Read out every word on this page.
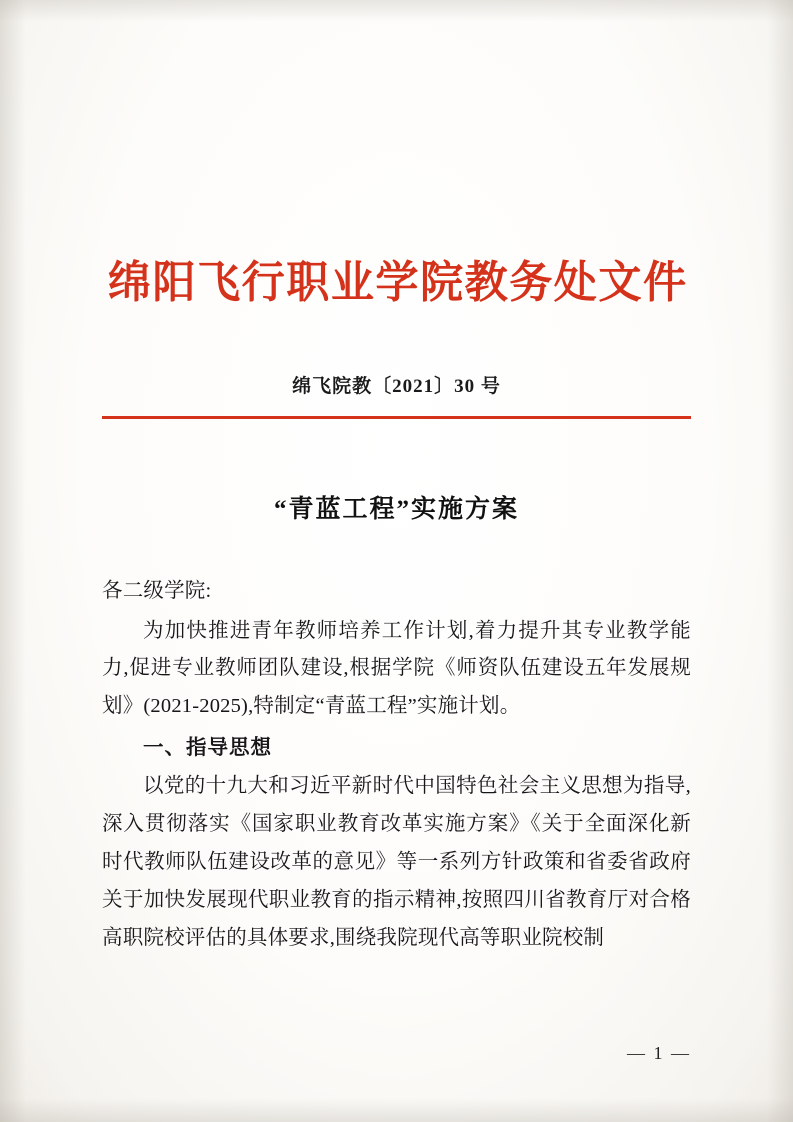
绵阳飞行职业学院教务处文件
绵飞院教〔2021〕30 号
“青蓝工程”实施方案

各二级学院:

为加快推进青年教师培养工作计划,着力提升其专业教学能力,促进专业教师团队建设,根据学院《师资队伍建设五年发展规划》(2021-2025),特制定“青蓝工程”实施计划。

一、指导思想

以党的十九大和习近平新时代中国特色社会主义思想为指导,深入贯彻落实《国家职业教育改革实施方案》《关于全面深化新时代教师队伍建设改革的意见》等一系列方针政策和省委省政府关于加快发展现代职业教育的指示精神,按照四川省教育厅对合格高职院校评估的具体要求,围绕我院现代高等职业院校制

— 1 —
